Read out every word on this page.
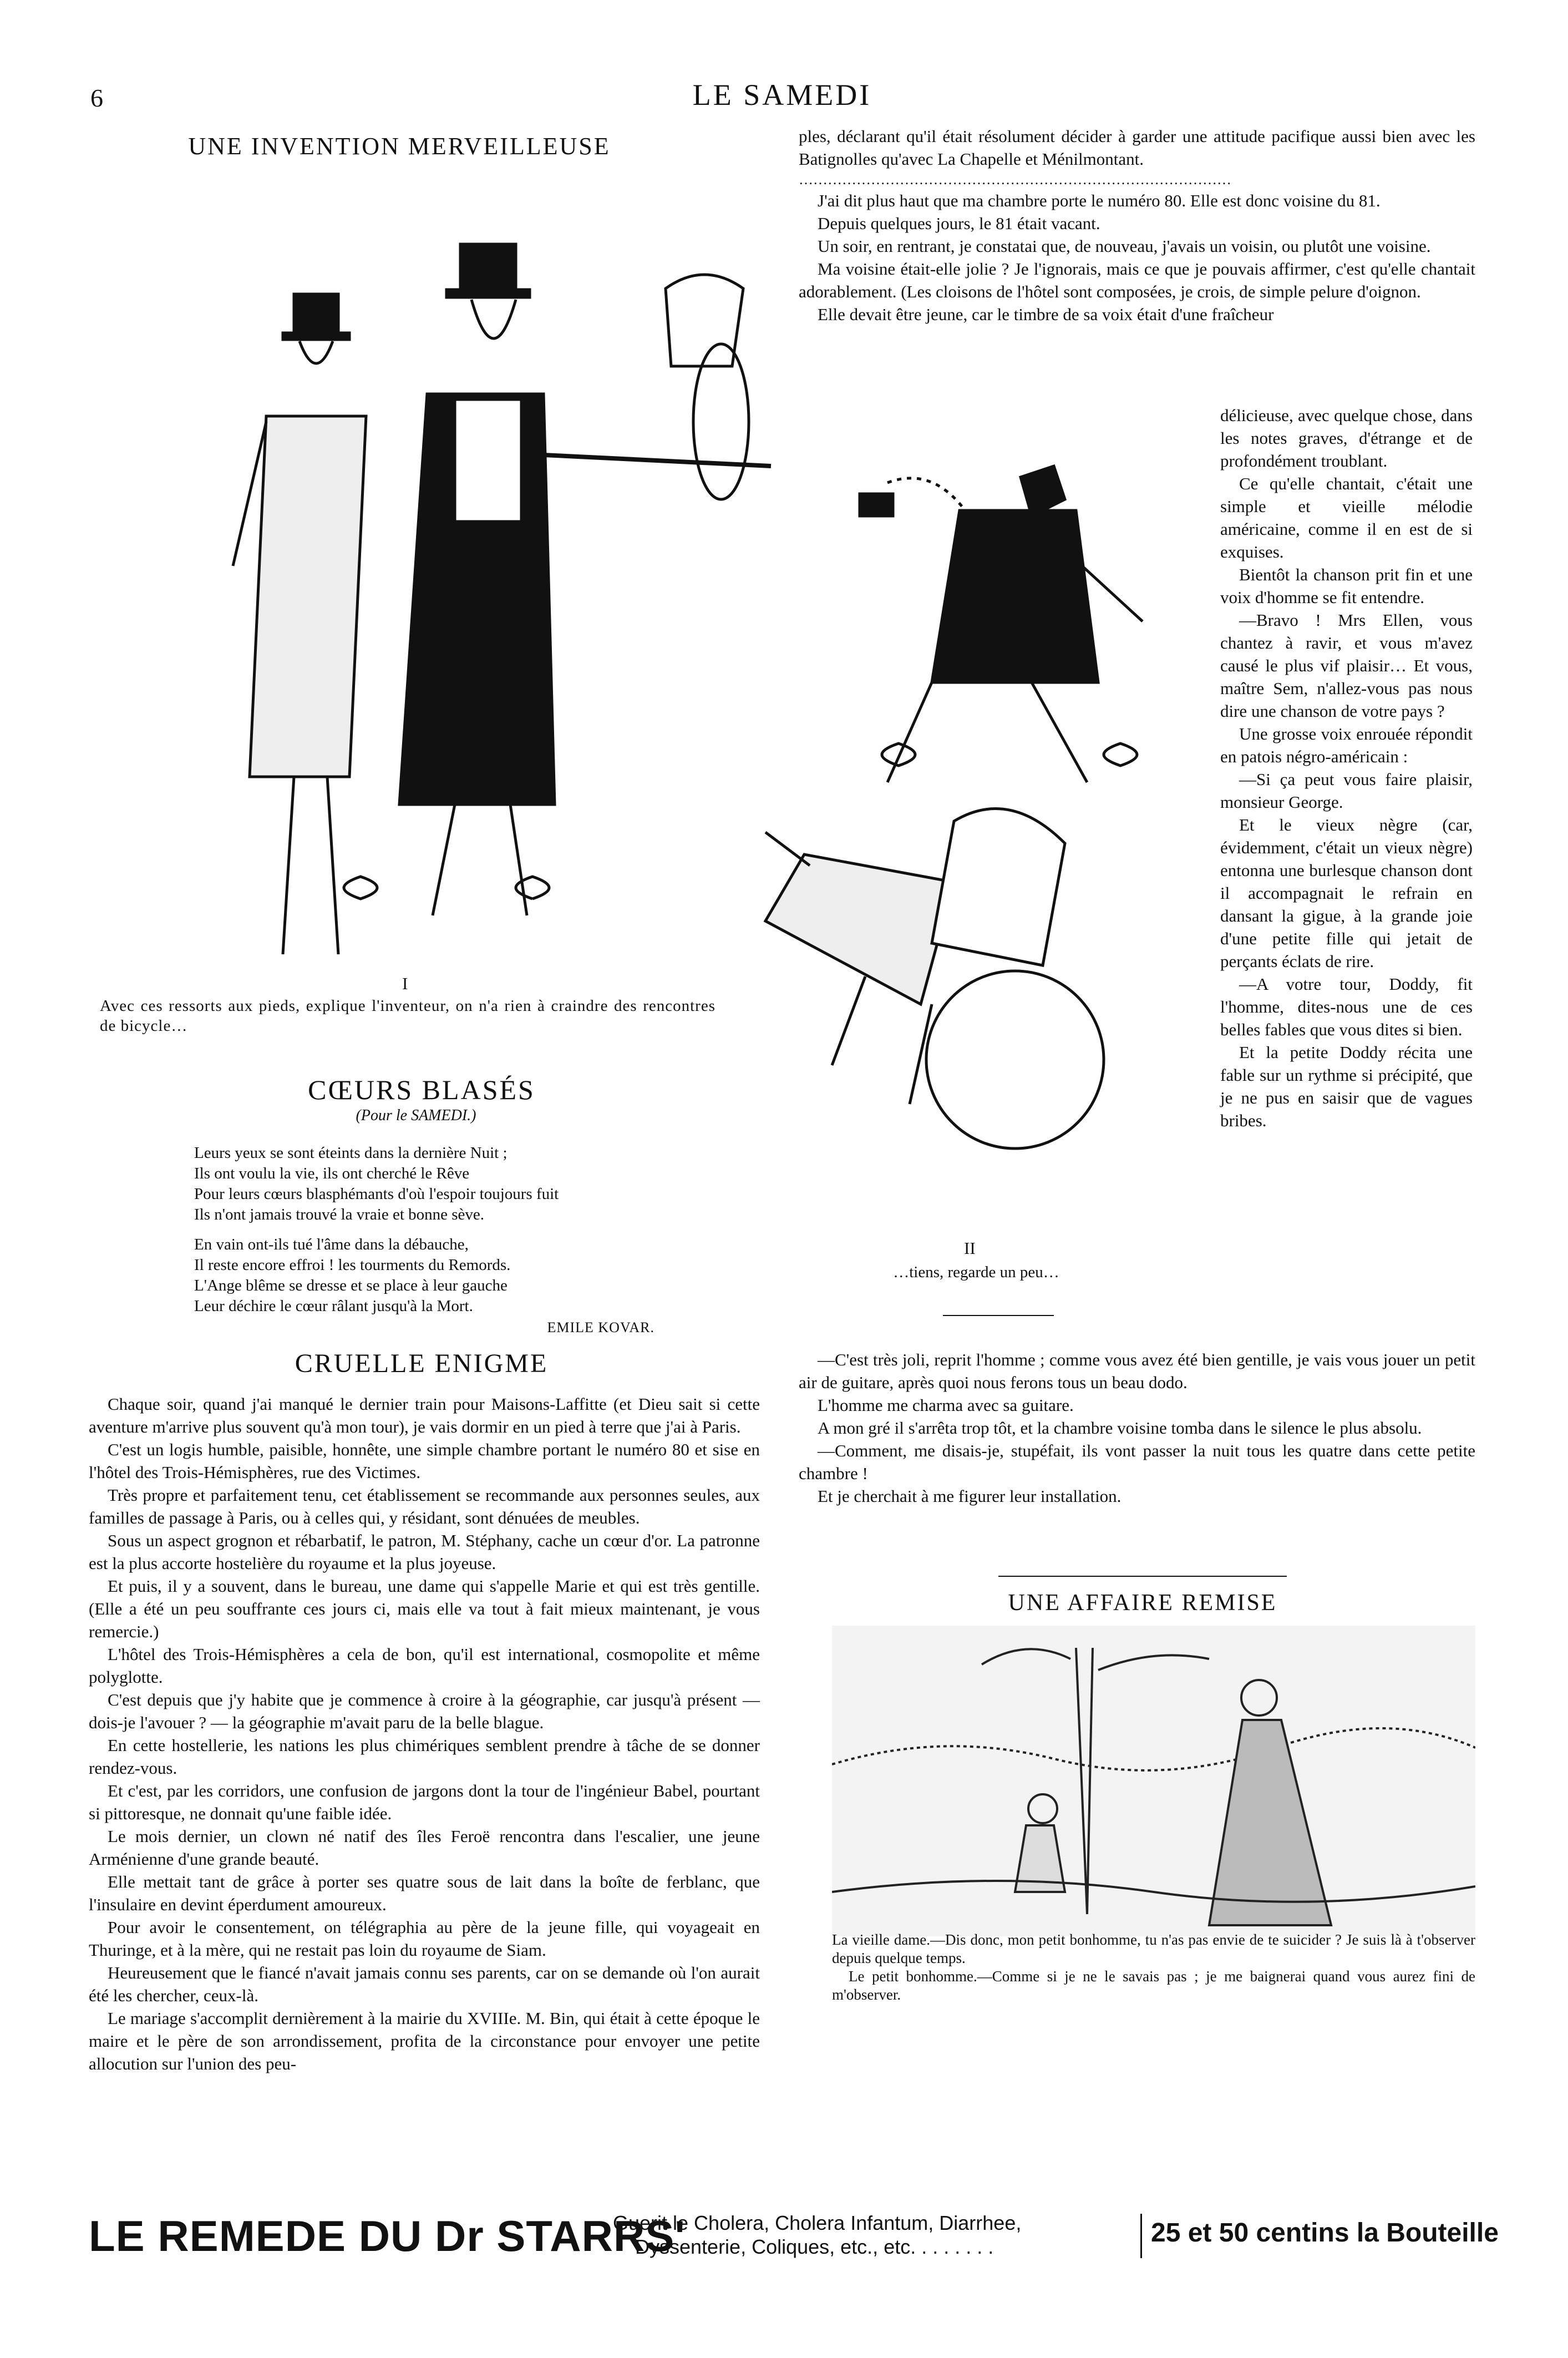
6	LE SAMEDI
UNE INVENTION MERVEILLEUSE
I
Avec ces ressorts aux pieds, explique l'inventeur, on n'a rien à craindre des rencontres de bicycle…
CŒURS BLASÉS
(Pour le SAMEDI.)
Leurs yeux se sont éteints dans la dernière Nuit ;
Ils ont voulu la vie, ils ont cherché le Rêve
Pour leurs cœurs blasphémants d'où l'espoir toujours fuit
Ils n'ont jamais trouvé la vraie et bonne sève.
En vain ont-ils tué l'âme dans la débauche,
Il reste encore effroi ! les tourments du Remords.
L'Ange blême se dresse et se place à leur gauche
Leur déchire le cœur râlant jusqu'à la Mort.
EMILE KOVAR.
CRUELLE ENIGME

Chaque soir, quand j'ai manqué le dernier train pour Maisons-Laffitte (et Dieu sait si cette aventure m'arrive plus souvent qu'à mon tour), je vais dormir en un pied à terre que j'ai à Paris.

C'est un logis humble, paisible, honnête, une simple chambre portant le numéro 80 et sise en l'hôtel des Trois-Hémisphères, rue des Victimes.

Très propre et parfaitement tenu, cet établissement se recommande aux personnes seules, aux familles de passage à Paris, ou à celles qui, y résidant, sont dénuées de meubles.

Sous un aspect grognon et rébarbatif, le patron, M. Stéphany, cache un cœur d'or. La patronne est la plus accorte hostelière du royaume et la plus joyeuse.

Et puis, il y a souvent, dans le bureau, une dame qui s'appelle Marie et qui est très gentille. (Elle a été un peu souffrante ces jours ci, mais elle va tout à fait mieux maintenant, je vous remercie.)

L'hôtel des Trois-Hémisphères a cela de bon, qu'il est international, cosmopolite et même polyglotte.

C'est depuis que j'y habite que je commence à croire à la géographie, car jusqu'à présent — dois-je l'avouer ? — la géographie m'avait paru de la belle blague.

En cette hostellerie, les nations les plus chimériques semblent prendre à tâche de se donner rendez-vous.

Et c'est, par les corridors, une confusion de jargons dont la tour de l'ingénieur Babel, pourtant si pittoresque, ne donnait qu'une faible idée.

Le mois dernier, un clown né natif des îles Feroë rencontra dans l'escalier, une jeune Arménienne d'une grande beauté.

Elle mettait tant de grâce à porter ses quatre sous de lait dans la boîte de ferblanc, que l'insulaire en devint éperdument amoureux.

Pour avoir le consentement, on télégraphia au père de la jeune fille, qui voyageait en Thuringe, et à la mère, qui ne restait pas loin du royaume de Siam.

Heureusement que le fiancé n'avait jamais connu ses parents, car on se demande où l'on aurait été les chercher, ceux-là.

Le mariage s'accomplit dernièrement à la mairie du XVIIIe. M. Bin, qui était à cette époque le maire et le père de son arrondissement, profita de la circonstance pour envoyer une petite allocution sur l'union des peu-

ples, déclarant qu'il était résolument décider à garder une attitude pacifique aussi bien avec les Batignolles qu'avec La Chapelle et Ménilmontant.

………………………………………………………………………………

J'ai dit plus haut que ma chambre porte le numéro 80. Elle est donc voisine du 81.

Depuis quelques jours, le 81 était vacant.

Un soir, en rentrant, je constatai que, de nouveau, j'avais un voisin, ou plutôt une voisine.

Ma voisine était-elle jolie ? Je l'ignorais, mais ce que je pouvais affirmer, c'est qu'elle chantait adorablement. (Les cloisons de l'hôtel sont composées, je crois, de simple pelure d'oignon.

Elle devait être jeune, car le timbre de sa voix était d'une fraîcheur

délicieuse, avec quelque chose, dans les notes graves, d'étrange et de profondément troublant.

Ce qu'elle chantait, c'était une simple et vieille mélodie américaine, comme il en est de si exquises.

Bientôt la chanson prit fin et une voix d'homme se fit entendre.

—Bravo ! Mrs Ellen, vous chantez à ravir, et vous m'avez causé le plus vif plaisir… Et vous, maître Sem, n'allez-vous pas nous dire une chanson de votre pays ?

Une grosse voix enrouée répondit en patois négro-américain :

—Si ça peut vous faire plaisir, monsieur George.

Et le vieux nègre (car, évidemment, c'était un vieux nègre) entonna une burlesque chanson dont il accompagnait le refrain en dansant la gigue, à la grande joie d'une petite fille qui jetait de perçants éclats de rire.

—A votre tour, Doddy, fit l'homme, dites-nous une de ces belles fables que vous dites si bien.

Et la petite Doddy récita une fable sur un rythme si précipité, que je ne pus en saisir que de vagues bribes.

II
…tiens, regarde un peu…

—C'est très joli, reprit l'homme ; comme vous avez été bien gentille, je vais vous jouer un petit air de guitare, après quoi nous ferons tous un beau dodo.

L'homme me charma avec sa guitare.

A mon gré il s'arrêta trop tôt, et la chambre voisine tomba dans le silence le plus absolu.

—Comment, me disais-je, stupéfait, ils vont passer la nuit tous les quatre dans cette petite chambre !

Et je cherchait à me figurer leur installation.

UNE AFFAIRE REMISE
La vieille dame.—Dis donc, mon petit bonhomme, tu n'as pas envie de te suicider ? Je suis là à t'observer depuis quelque temps.
Le petit bonhomme.—Comme si je ne le savais pas ; je me baignerai quand vous aurez fini de m'observer.
LE REMEDE DU Dr STARRS'
Guerit le Cholera, Cholera Infantum, Diarrhee,
Dyssenterie, Coliques, etc., etc. . . . . . . .	25 et 50 centins la Bouteille
